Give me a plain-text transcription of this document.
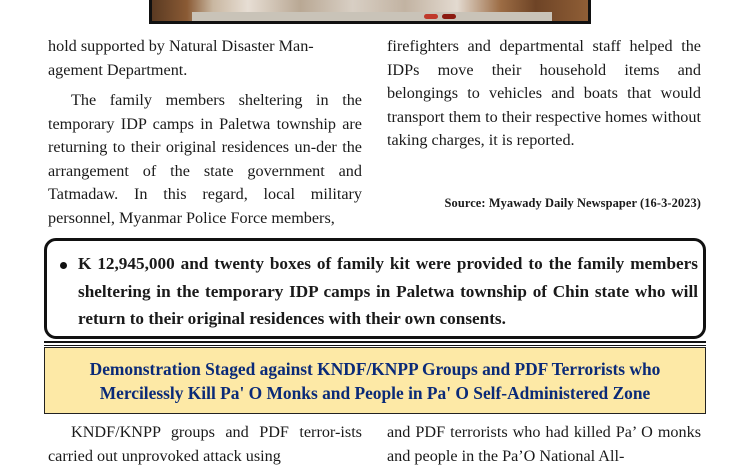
hold supported by Natural Disaster Man-
agement Department.

The family members sheltering in the temporary IDP camps in Paletwa township are returning to their original residences un-der the arrangement of the state government and Tatmadaw. In this regard, local military personnel, Myanmar Police Force members,

firefighters and departmental staff helped the IDPs move their household items and belongings to vehicles and boats that would transport them to their respective homes without taking charges, it is reported.

Source: Myawady Daily Newspaper (16-3-2023)
K 12,945,000 and twenty boxes of family kit were provided to the family members sheltering in the temporary IDP camps in Paletwa township of Chin state who will return to their original residences with their own consents.
Demonstration Staged against KNDF/KNPP Groups and PDF Terrorists who
Mercilessly Kill Pa' O Monks and People in Pa' O Self-Administered Zone

KNDF/KNPP groups and PDF terror-ists carried out unprovoked attack using

and PDF terrorists who had killed Pa’ O monks and people in the Pa’O National All-
